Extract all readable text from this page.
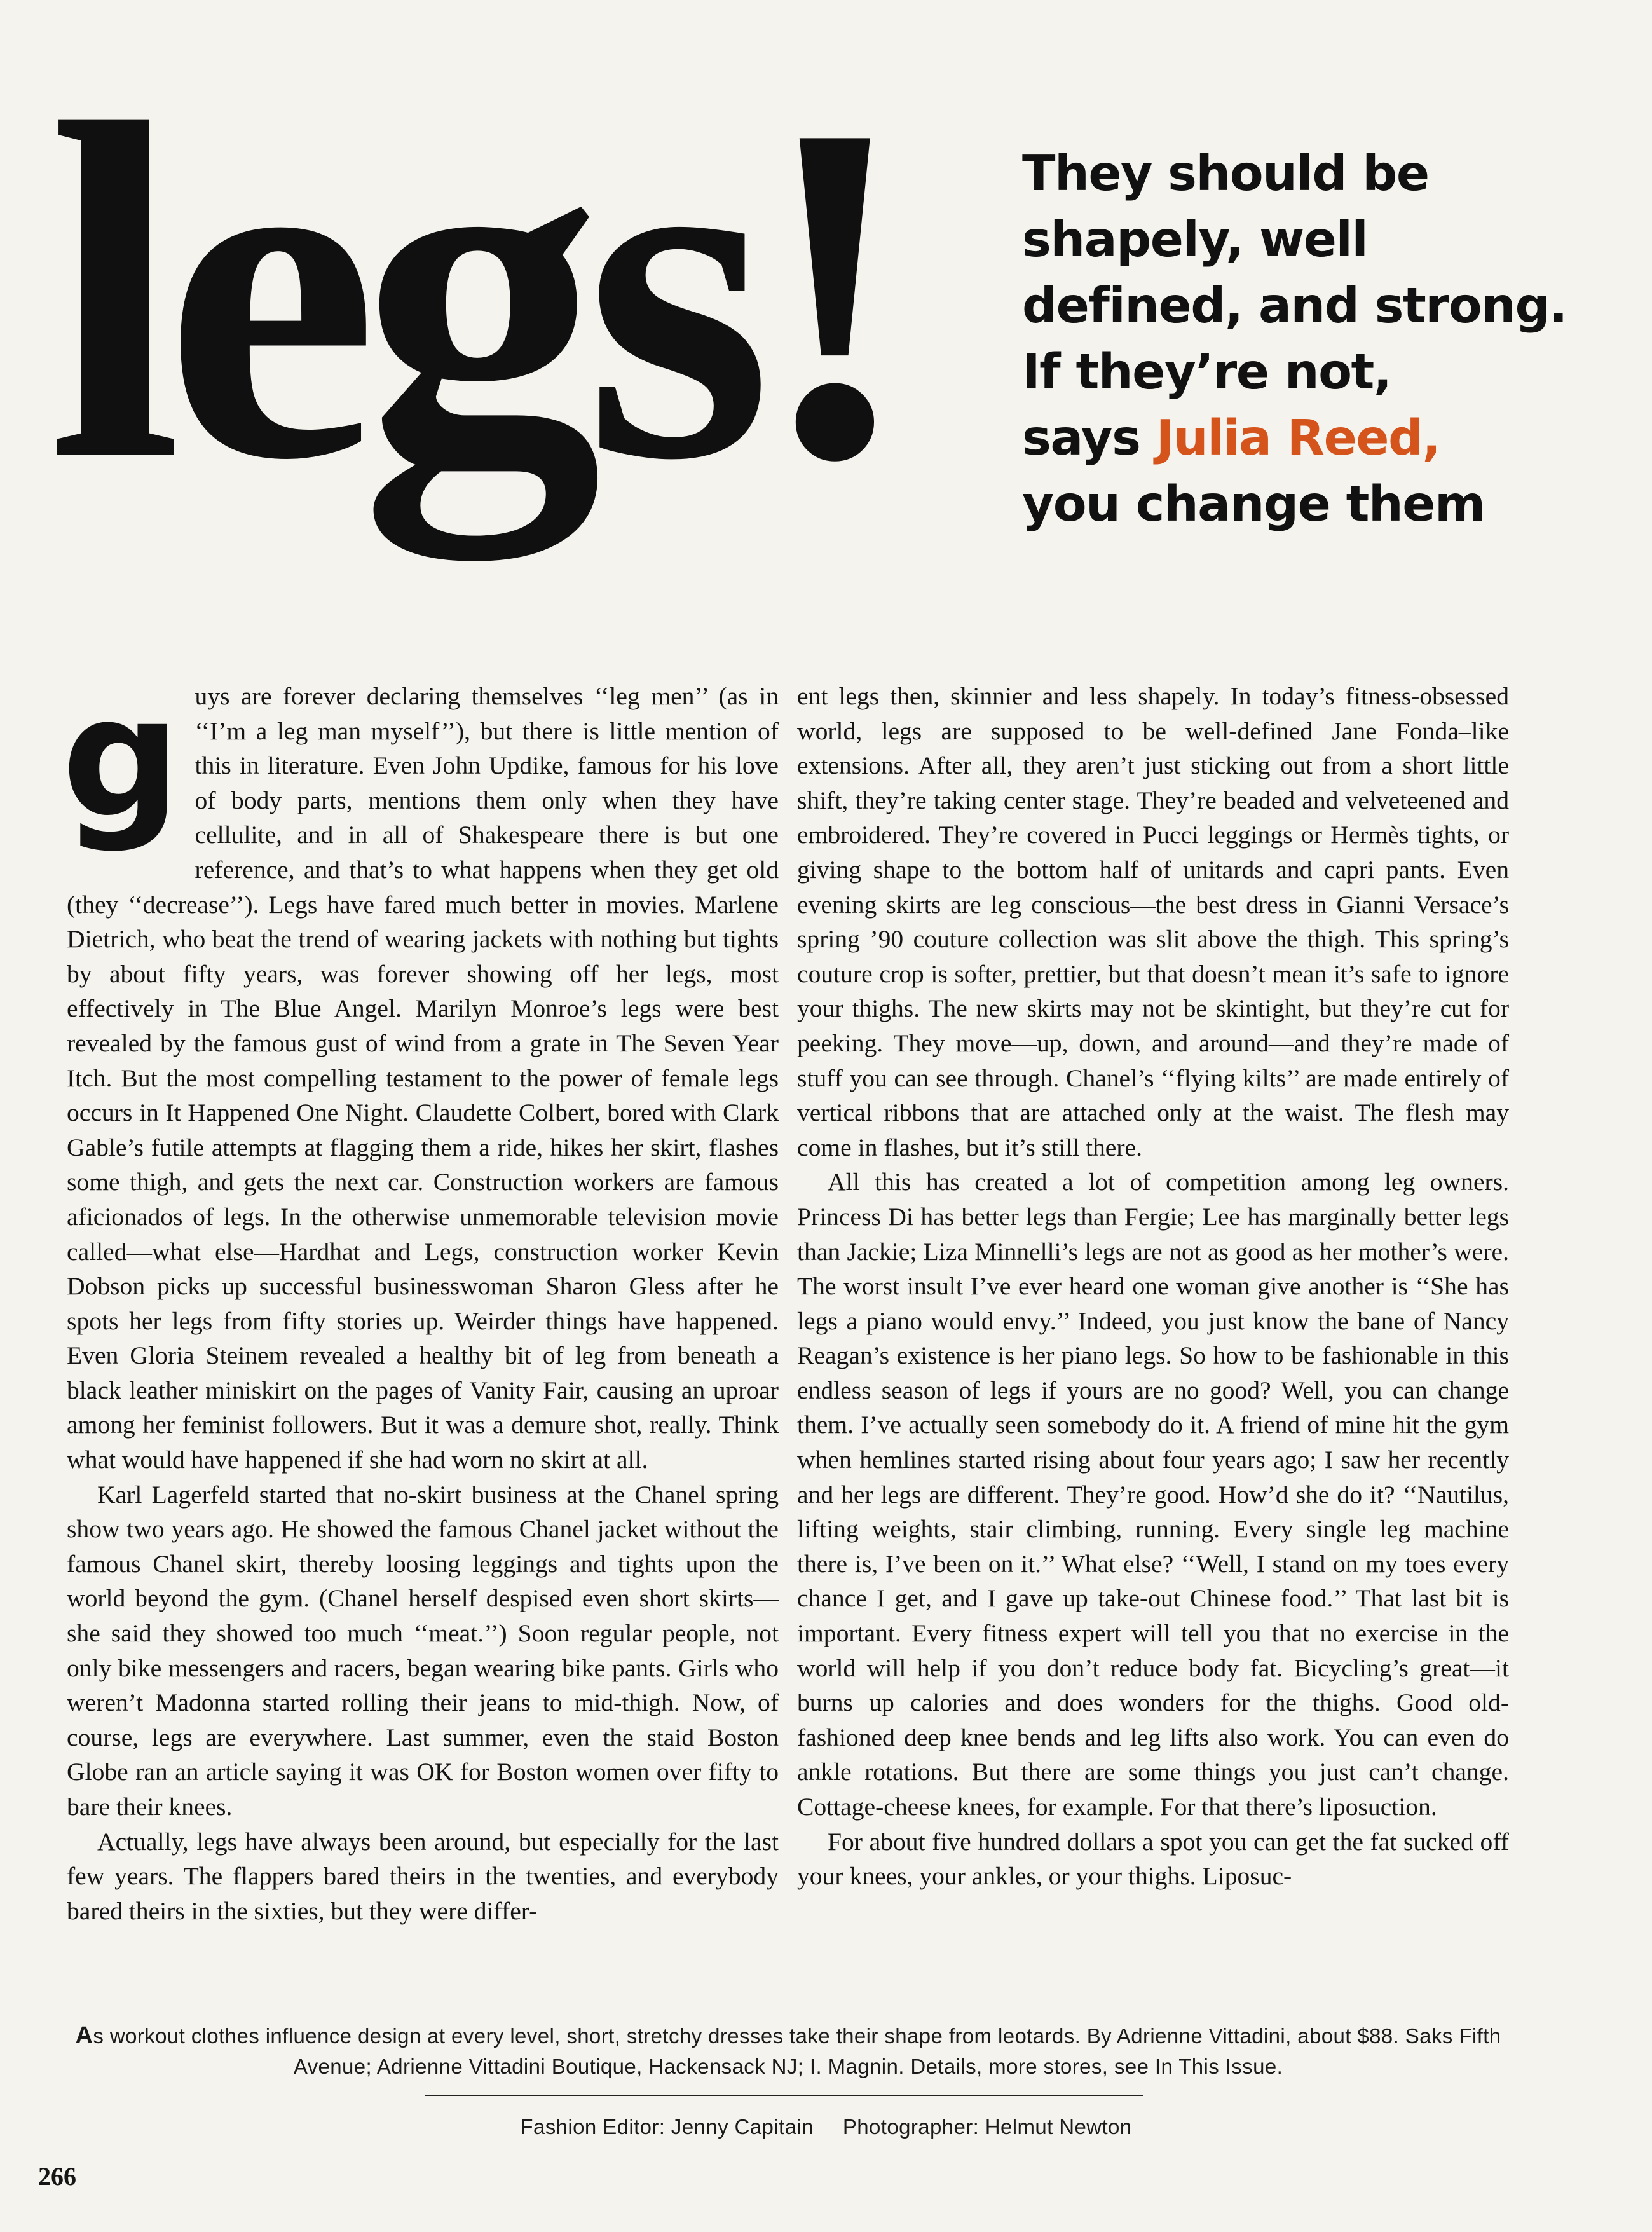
legs!	They should be
shapely, well
defined, and strong.
If they’re not,
says Julia Reed,
you change them
g uys are forever declaring themselves ‘‘leg men’’ (as in ‘‘I’m a leg man myself’’), but there is little mention of this in literature. Even John Updike, famous for his love of body parts, mentions them only when they have cellulite, and in all of Shakespeare there is but one reference, and that’s to what happens when they get old (they ‘‘decrease’’). Legs have fared much better in movies. Marlene Dietrich, who beat the trend of wearing jackets with nothing but tights by about fifty years, was forever showing off her legs, most effectively in The Blue Angel. Marilyn Monroe’s legs were best revealed by the famous gust of wind from a grate in The Seven Year Itch. But the most compelling testament to the power of female legs occurs in It Happened One Night. Claudette Colbert, bored with Clark Gable’s futile attempts at flagging them a ride, hikes her skirt, flashes some thigh, and gets the next car. Construction workers are famous aficionados of legs. In the otherwise unmemorable television movie called—what else—Hardhat and Legs, construction worker Kevin Dobson picks up successful businesswoman Sharon Gless after he spots her legs from fifty stories up. Weirder things have happened. Even Gloria Steinem revealed a healthy bit of leg from beneath a black leather miniskirt on the pages of Vanity Fair, causing an uproar among her feminist followers. But it was a demure shot, really. Think what would have happened if she had worn no skirt at all.

Karl Lagerfeld started that no-skirt business at the Chanel spring show two years ago. He showed the famous Chanel jacket without the famous Chanel skirt, thereby loosing leggings and tights upon the world beyond the gym. (Chanel herself despised even short skirts—she said they showed too much ‘‘meat.’’) Soon regular people, not only bike messengers and racers, began wearing bike pants. Girls who weren’t Madonna started rolling their jeans to mid-thigh. Now, of course, legs are everywhere. Last summer, even the staid Boston Globe ran an article saying it was OK for Boston women over fifty to bare their knees.

Actually, legs have always been around, but especially for the last few years. The flappers bared theirs in the twenties, and everybody bared theirs in the sixties, but they were differ-

ent legs then, skinnier and less shapely. In today’s fitness-obsessed world, legs are supposed to be well-defined Jane Fonda–like extensions. After all, they aren’t just sticking out from a short little shift, they’re taking center stage. They’re beaded and velveteened and embroidered. They’re covered in Pucci leggings or Hermès tights, or giving shape to the bottom half of unitards and capri pants. Even evening skirts are leg conscious—the best dress in Gianni Versace’s spring ’90 couture collection was slit above the thigh. This spring’s couture crop is softer, prettier, but that doesn’t mean it’s safe to ignore your thighs. The new skirts may not be skintight, but they’re cut for peeking. They move—up, down, and around—and they’re made of stuff you can see through. Chanel’s ‘‘flying kilts’’ are made entirely of vertical ribbons that are attached only at the waist. The flesh may come in flashes, but it’s still there.

All this has created a lot of competition among leg owners. Princess Di has better legs than Fergie; Lee has marginally better legs than Jackie; Liza Minnelli’s legs are not as good as her mother’s were. The worst insult I’ve ever heard one woman give another is ‘‘She has legs a piano would envy.’’ Indeed, you just know the bane of Nancy Reagan’s existence is her piano legs. So how to be fashionable in this endless season of legs if yours are no good? Well, you can change them. I’ve actually seen somebody do it. A friend of mine hit the gym when hemlines started rising about four years ago; I saw her recently and her legs are different. They’re good. How’d she do it? ‘‘Nautilus, lifting weights, stair climbing, running. Every single leg machine there is, I’ve been on it.’’ What else? ‘‘Well, I stand on my toes every chance I get, and I gave up take-out Chinese food.’’ That last bit is important. Every fitness expert will tell you that no exercise in the world will help if you don’t reduce body fat. Bicycling’s great—it burns up calories and does wonders for the thighs. Good old-fashioned deep knee bends and leg lifts also work. You can even do ankle rotations. But there are some things you just can’t change. Cottage-cheese knees, for example. For that there’s liposuction.

For about five hundred dollars a spot you can get the fat sucked off your knees, your ankles, or your thighs. Liposuc-

As workout clothes influence design at every level, short, stretchy dresses take their shape from leotards. By Adrienne Vittadini, about $88. Saks Fifth Avenue; Adrienne Vittadini Boutique, Hackensack NJ; I. Magnin. Details, more stores, see In This Issue.

Fashion Editor: Jenny Capitain Photographer: Helmut Newton

266
